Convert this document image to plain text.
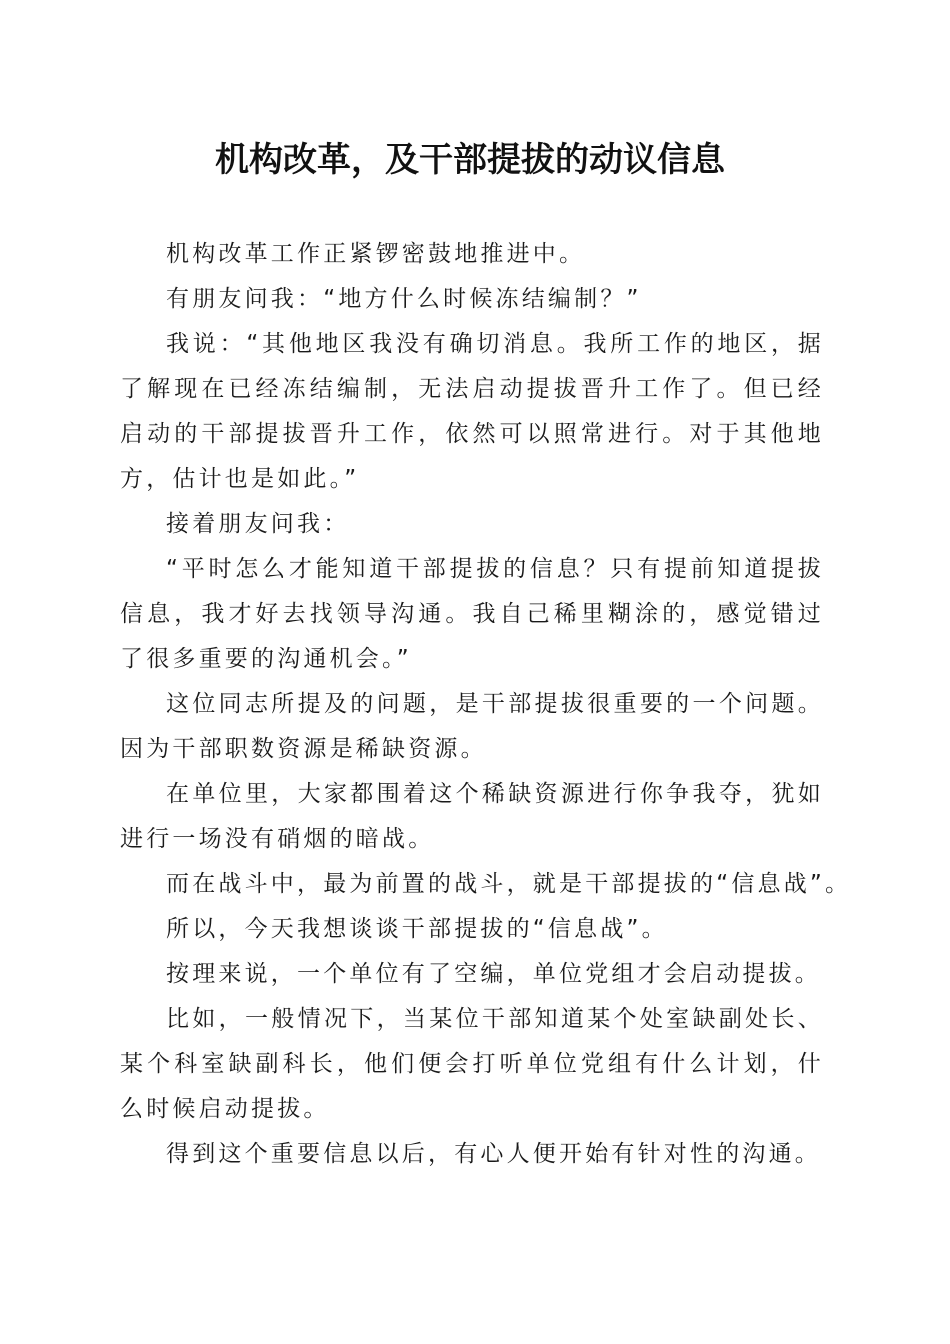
机构改革，及干部提拔的动议信息

机构改革工作正紧锣密鼓地推进中。

有朋友问我：“地方什么时候冻结编制？”

我说：“其他地区我没有确切消息。我所工作的地区，据了解现在已经冻结编制，无法启动提拔晋升工作了。但已经启动的干部提拔晋升工作，依然可以照常进行。对于其他地方，估计也是如此。”

接着朋友问我：

“平时怎么才能知道干部提拔的信息？只有提前知道提拔信息，我才好去找领导沟通。我自己稀里糊涂的，感觉错过了很多重要的沟通机会。”

这位同志所提及的问题，是干部提拔很重要的一个问题。因为干部职数资源是稀缺资源。

在单位里，大家都围着这个稀缺资源进行你争我夺，犹如进行一场没有硝烟的暗战。

而在战斗中，最为前置的战斗，就是干部提拔的“信息战”。

所以，今天我想谈谈干部提拔的“信息战”。

按理来说，一个单位有了空编，单位党组才会启动提拔。

比如，一般情况下，当某位干部知道某个处室缺副处长、某个科室缺副科长，他们便会打听单位党组有什么计划，什么时候启动提拔。

得到这个重要信息以后，有心人便开始有针对性的沟通。
